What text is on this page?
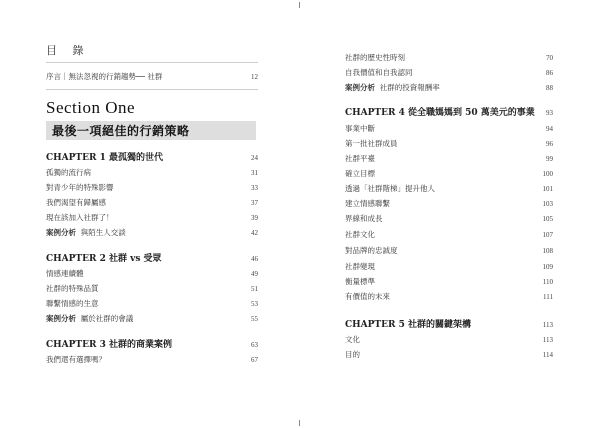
目 錄
序言｜無法忽視的行銷趨勢── 社群	12
Section One
最後一項絕佳的行銷策略
CHAPTER 1 最孤獨的世代	24
孤獨的流行病	31
對青少年的特殊影響	33
我們渴望有歸屬感	37
現在該加入社群了！	39
案例分析 與陌生人交談	42
CHAPTER 2 社群 vs 受眾	46
情感連續體	49
社群的特殊品質	51
聯繫情感的生意	53
案例分析 屬於社群的會議	55
CHAPTER 3 社群的商業案例	63
我們還有選擇嗎？	67
社群的歷史性時刻	70
自我價值和自我認同	86
案例分析 社群的投資報酬率	88
CHAPTER 4 從全職媽媽到 50 萬美元的事業 93
事業中斷	94
第一批社群成員	96
社群平臺	99
確立目標	100
透過「社群階梯」提升他人	101
建立情感聯繫	103
界線和成長	105
社群文化	107
對品牌的忠誠度	108
社群變現	109
衡量標準	110
有價值的未來	111
CHAPTER 5 社群的關鍵架構	113
文化	113
目的	114
